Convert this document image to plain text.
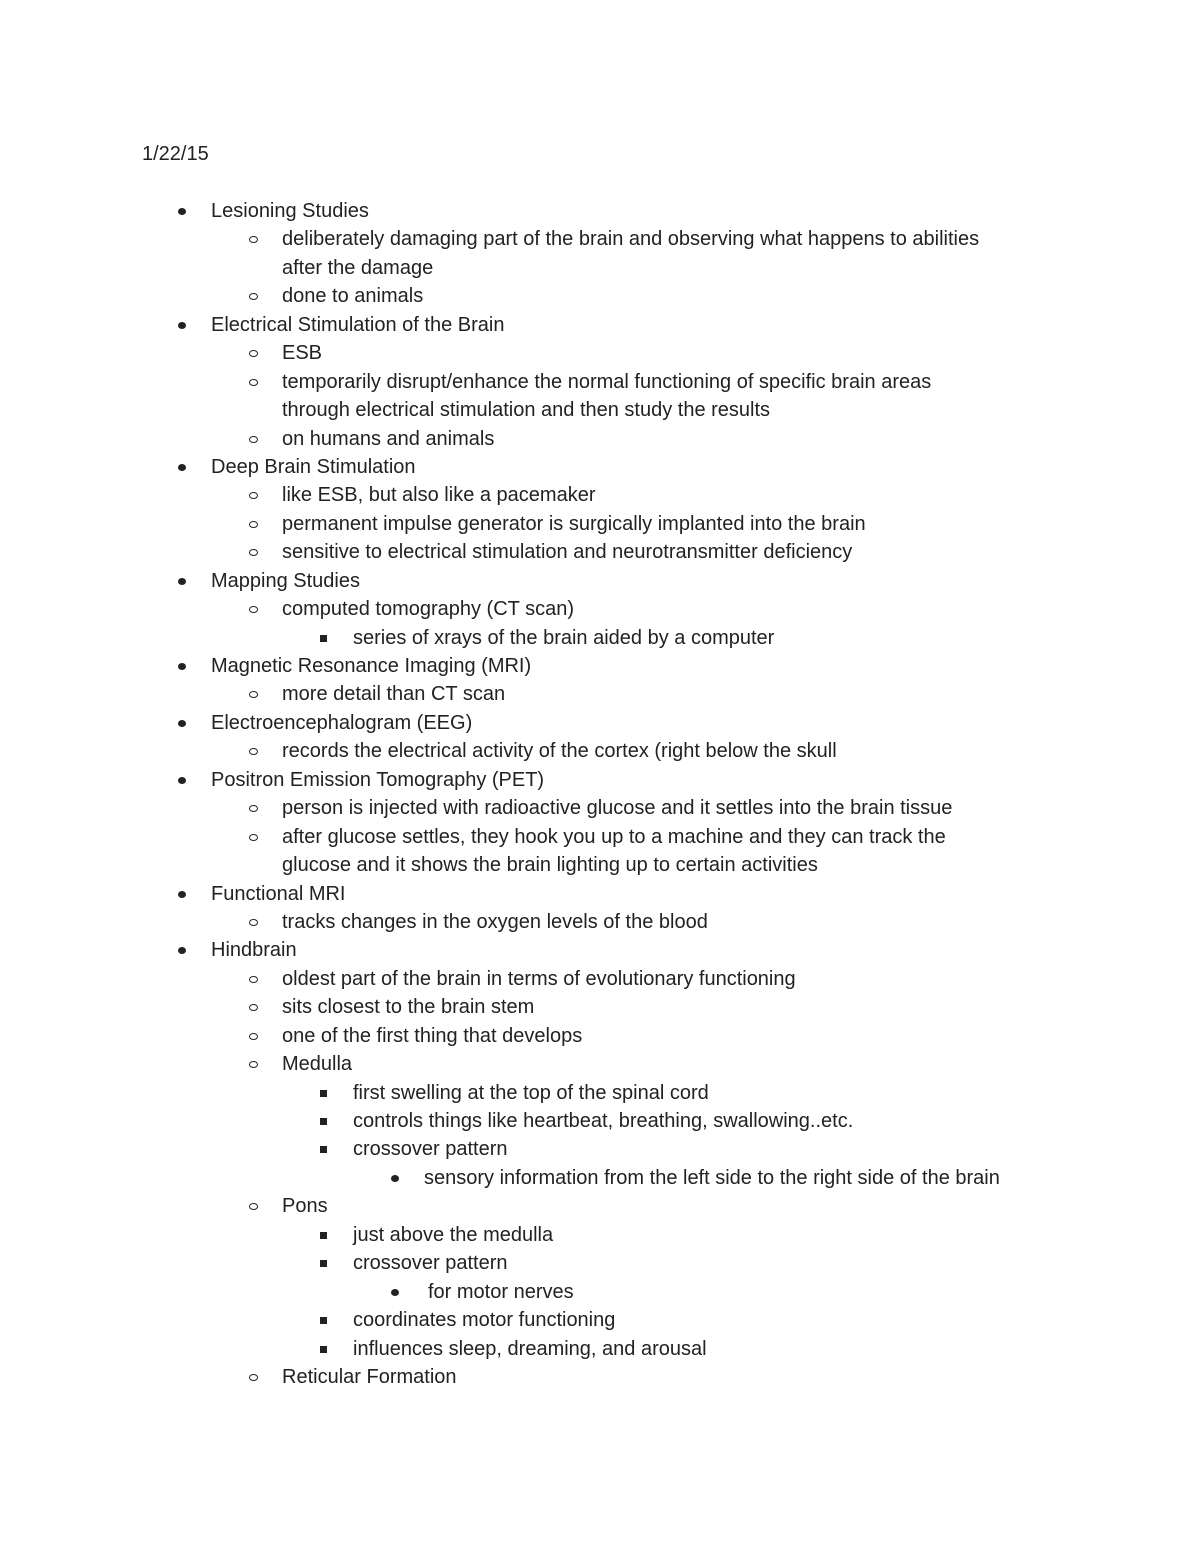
1/22/15
Lesioning Studies
deliberately damaging part of the brain and observing what happens to abilities
after the damage
done to animals
Electrical Stimulation of the Brain
ESB
temporarily disrupt/enhance the normal functioning of specific brain areas
through electrical stimulation and then study the results
on humans and animals
Deep Brain Stimulation
like ESB, but also like a pacemaker
permanent impulse generator is surgically implanted into the brain
sensitive to electrical stimulation and neurotransmitter deficiency
Mapping Studies
computed tomography (CT scan)
series of xrays of the brain aided by a computer
Magnetic Resonance Imaging (MRI)
more detail than CT scan
Electroencephalogram (EEG)
records the electrical activity of the cortex (right below the skull
Positron Emission Tomography (PET)
person is injected with radioactive glucose and it settles into the brain tissue
after glucose settles, they hook you up to a machine and they can track the
glucose and it shows the brain lighting up to certain activities
Functional MRI
tracks changes in the oxygen levels of the blood
Hindbrain
oldest part of the brain in terms of evolutionary functioning
sits closest to the brain stem
one of the first thing that develops
Medulla
first swelling at the top of the spinal cord
controls things like heartbeat, breathing, swallowing..etc.
crossover pattern
sensory information from the left side to the right side of the brain
Pons
just above the medulla
crossover pattern
for motor nerves
coordinates motor functioning
influences sleep, dreaming, and arousal
Reticular Formation
